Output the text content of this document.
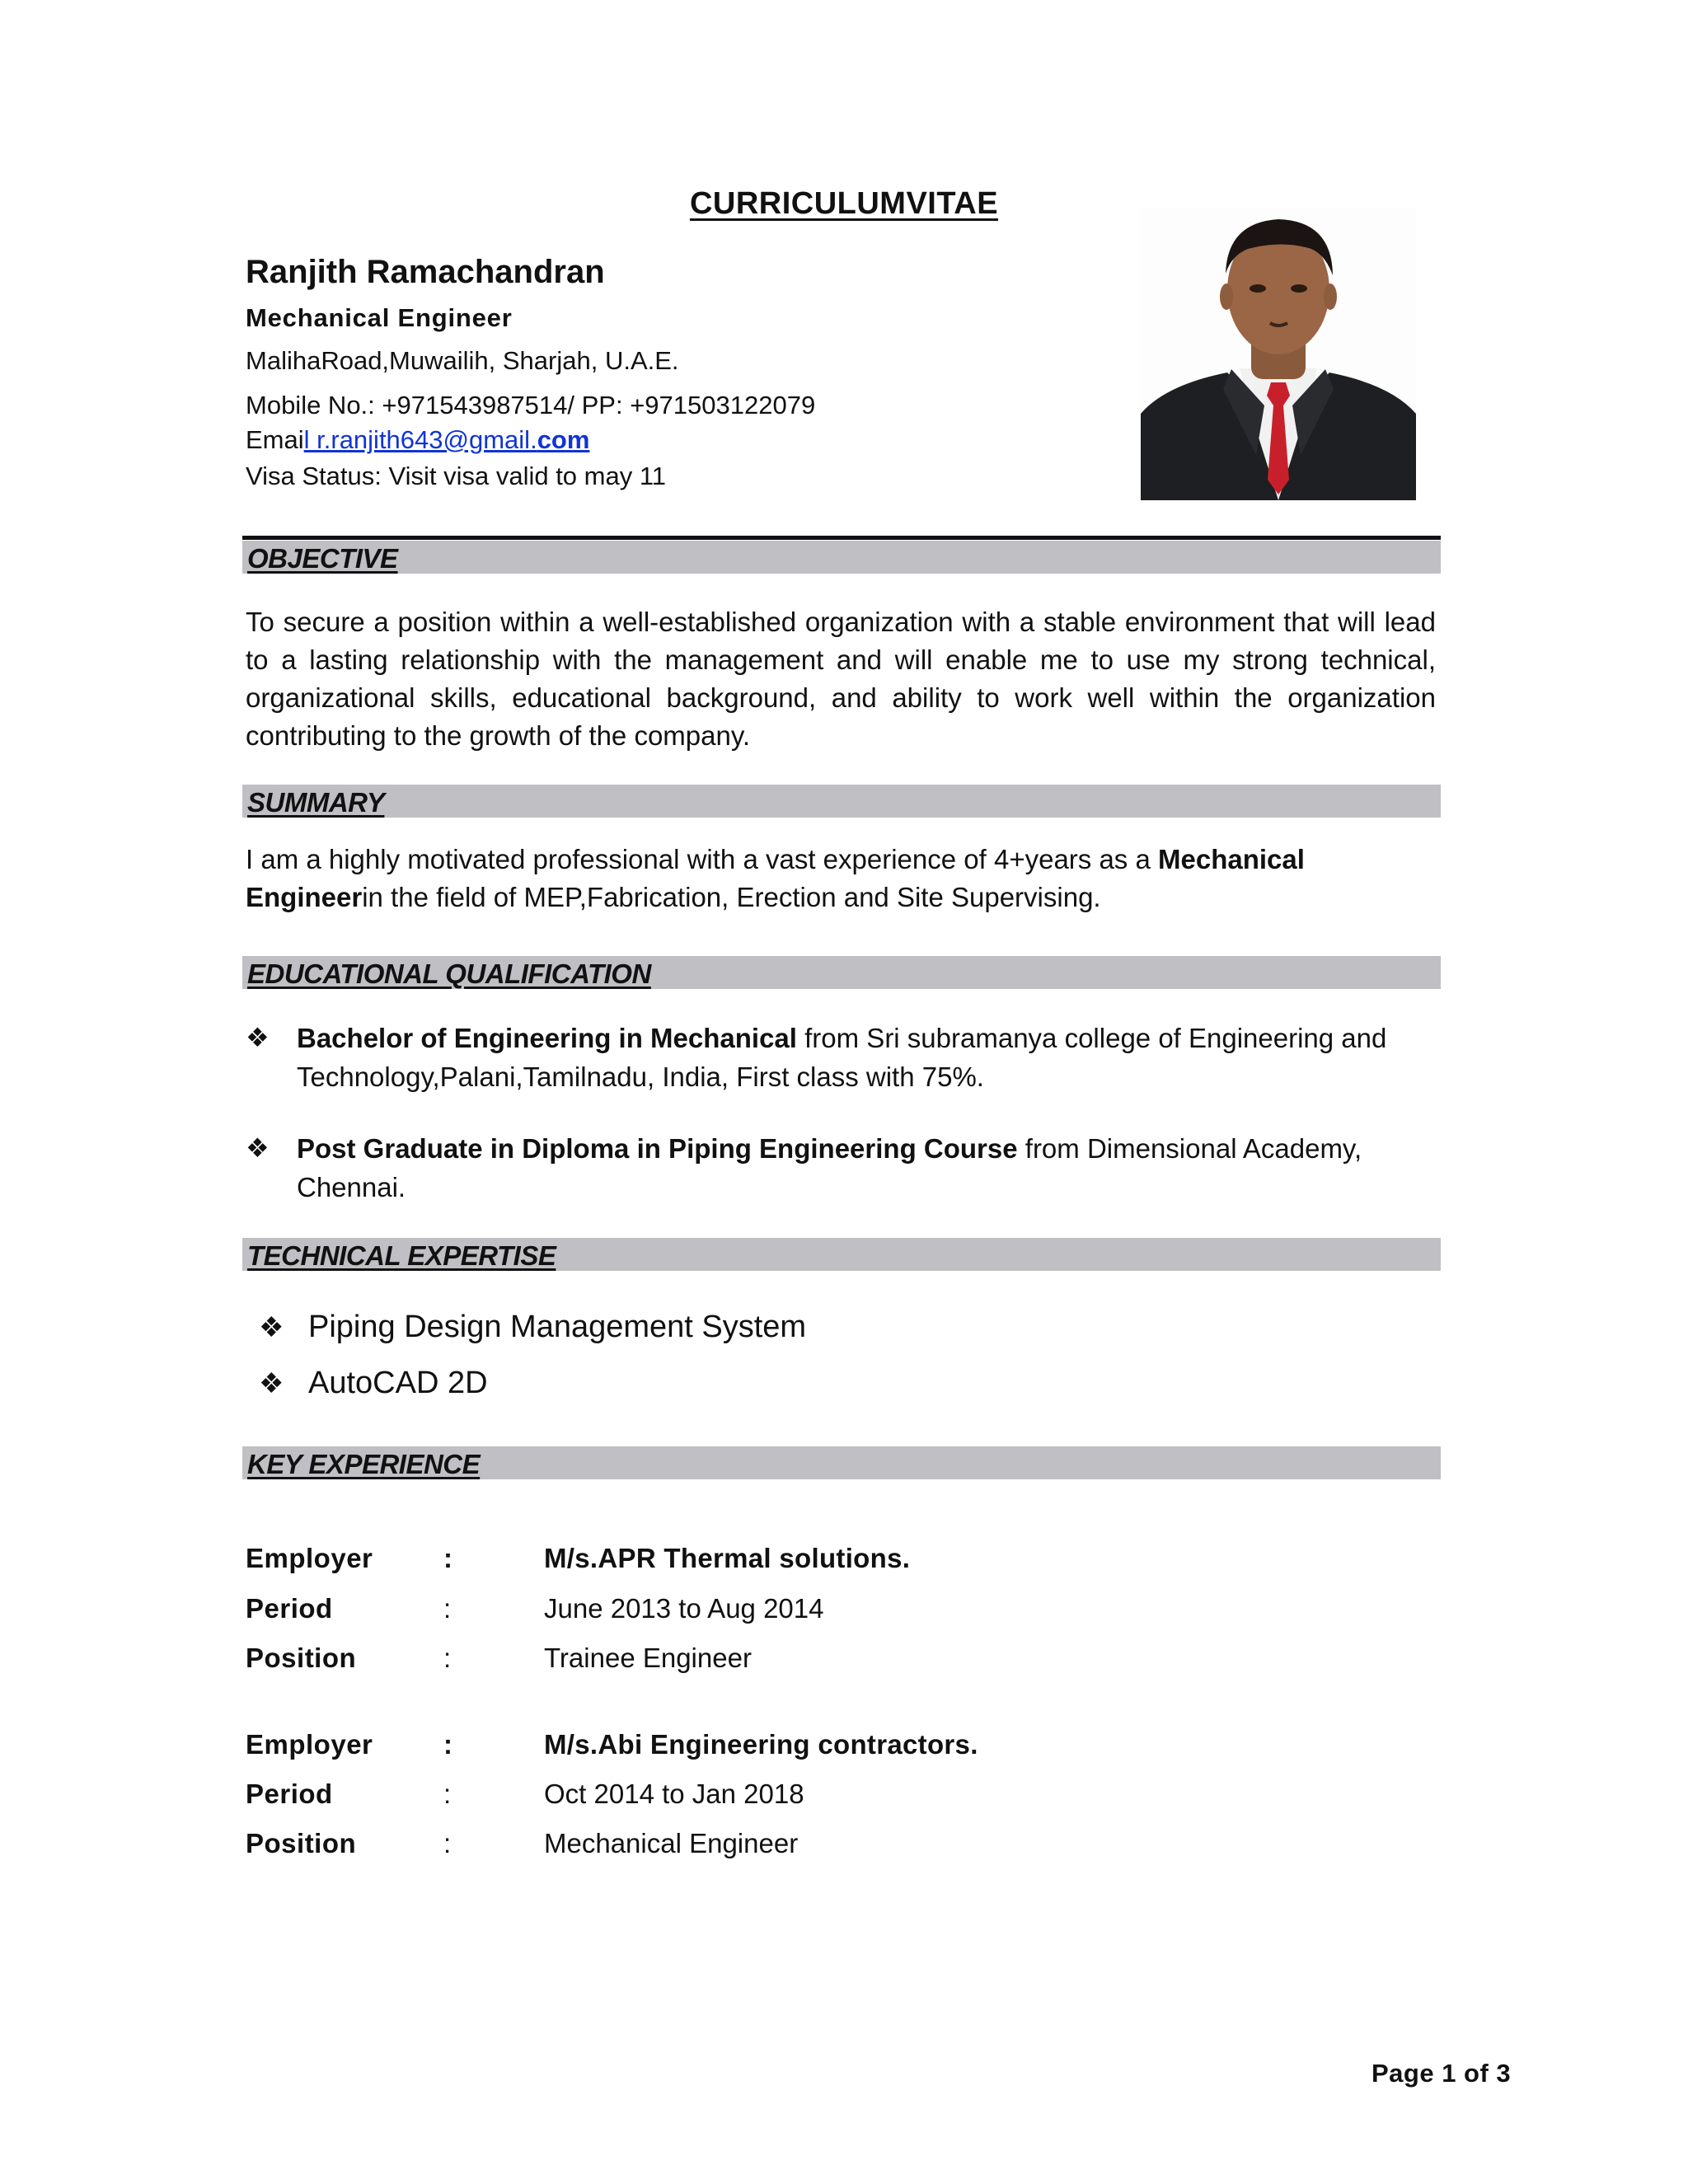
CURRICULUMVITAE
Ranjith Ramachandran
Mechanical Engineer
MalihaRoad,Muwailih, Sharjah, U.A.E.
Mobile No.: +971543987514/ PP: +971503122079
Email r.ranjith643@gmail.com
Visa Status: Visit visa valid to may 11
OBJECTIVE
To secure a position within a well-established organization with a stable environment that will lead to a lasting relationship with the management and will enable me to use my strong technical, organizational skills, educational background, and ability to work well within the organization contributing to the growth of the company.
SUMMARY
I am a highly motivated professional with a vast experience of 4+years as a Mechanical Engineerin the field of MEP,Fabrication, Erection and Site Supervising.
EDUCATIONAL QUALIFICATION
❖ Bachelor of Engineering in Mechanical from Sri subramanya college of Engineering and Technology,Palani,Tamilnadu, India, First class with 75%.
❖ Post Graduate in Diploma in Piping Engineering Course from Dimensional Academy, Chennai.
TECHNICAL EXPERTISE
❖ Piping Design Management System
❖ AutoCAD 2D
KEY EXPERIENCE
Employer	:	M/s.APR Thermal solutions.
Period	:	June 2013 to Aug 2014
Position	:	Trainee Engineer
Employer	:	M/s.Abi Engineering contractors.
Period	:	Oct 2014 to Jan 2018
Position	:	Mechanical Engineer
Page 1 of 3
